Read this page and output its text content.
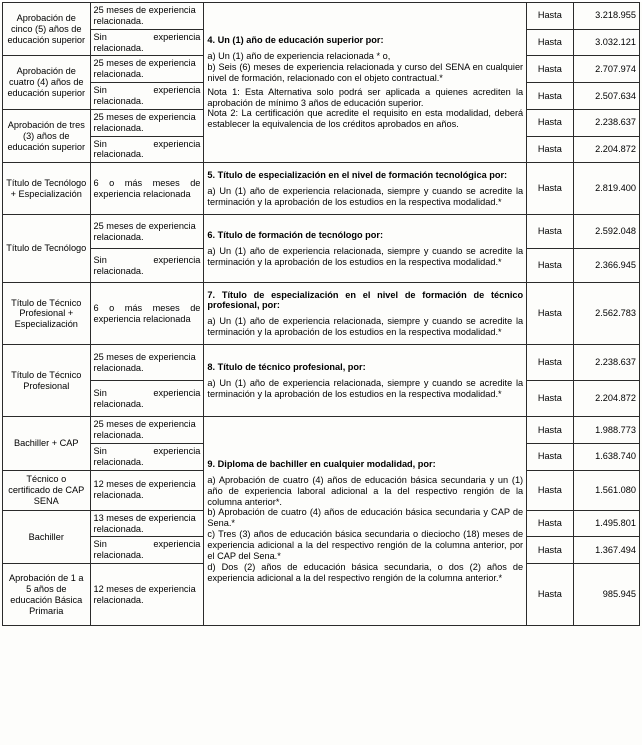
Aprobación de cinco (5) años de educación superior	25 meses de experiencia relacionada.	4. Un (1) año de educación superior por:
a) Un (1) año de experiencia relacionada * o,
b) Seis (6) meses de experiencia relacionada y curso del SENA en cualquier nivel de formación, relacionado con el objeto contractual.*
Nota 1: Esta Alternativa solo podrá ser aplicada a quienes acrediten la aprobación de mínimo 3 años de educación superior.
Nota 2: La certificación que acredite el requisito en esta modalidad, deberá establecer la equivalencia de los créditos aprobados en años.	Hasta	3.218.955
	Sin experiencia relacionada.		Hasta	3.032.121
Aprobación de cuatro (4) años de educación superior	25 meses de experiencia relacionada.		Hasta	2.707.974
	Sin experiencia relacionada.		Hasta	2.507.634
Aprobación de tres (3) años de educación superior	25 meses de experiencia relacionada.		Hasta	2.238.637
	Sin experiencia relacionada.		Hasta	2.204.872
Título de Tecnólogo + Especialización	6 o más meses de experiencia relacionada	5. Título de especialización en el nivel de formación tecnológica por:
a) Un (1) año de experiencia relacionada, siempre y cuando se acredite la terminación y la aprobación de los estudios en la respectiva modalidad.*	Hasta	2.819.400
Título de Tecnólogo	25 meses de experiencia relacionada.	6. Título de formación de tecnólogo por:
a) Un (1) año de experiencia relacionada, siempre y cuando se acredite la terminación y la aprobación de los estudios en la respectiva modalidad.*	Hasta	2.592.048
	Sin experiencia relacionada.		Hasta	2.366.945
Título de Técnico Profesional + Especialización	6 o más meses de experiencia relacionada	7. Título de especialización en el nivel de formación de técnico profesional, por:
a) Un (1) año de experiencia relacionada, siempre y cuando se acredite la terminación y la aprobación de los estudios en la respectiva modalidad.*	Hasta	2.562.783
Título de Técnico Profesional	25 meses de experiencia relacionada.	8. Título de técnico profesional, por:
a) Un (1) año de experiencia relacionada, siempre y cuando se acredite la terminación y la aprobación de los estudios en la respectiva modalidad.*	Hasta	2.238.637
	Sin experiencia relacionada.		Hasta	2.204.872
Bachiller + CAP	25 meses de experiencia relacionada.	9. Diploma de bachiller en cualquier modalidad, por:
a) Aprobación de cuatro (4) años de educación básica secundaria y un (1) año de experiencia laboral adicional a la del respectivo rengión de la columna anterior*.
b) Aprobación de cuatro (4) años de educación básica secundaria y CAP de Sena.*
c) Tres (3) años de educación básica secundaria o dieciocho (18) meses de experiencia adicional a la del respectivo rengión de la columna anterior, por el CAP del Sena.*
d) Dos (2) años de educación básica secundaria, o dos (2) años de experiencia adicional a la del respectivo rengión de la columna anterior.*	Hasta	1.988.773
	Sin experiencia relacionada.		Hasta	1.638.740
Técnico o certificado de CAP SENA	12 meses de experiencia relacionada.		Hasta	1.561.080
Bachiller	13 meses de experiencia relacionada.		Hasta	1.495.801
	Sin experiencia relacionada.		Hasta	1.367.494
Aprobación de 1 a 5 años de educación Básica Primaria	12 meses de experiencia relacionada.		Hasta	985.945
